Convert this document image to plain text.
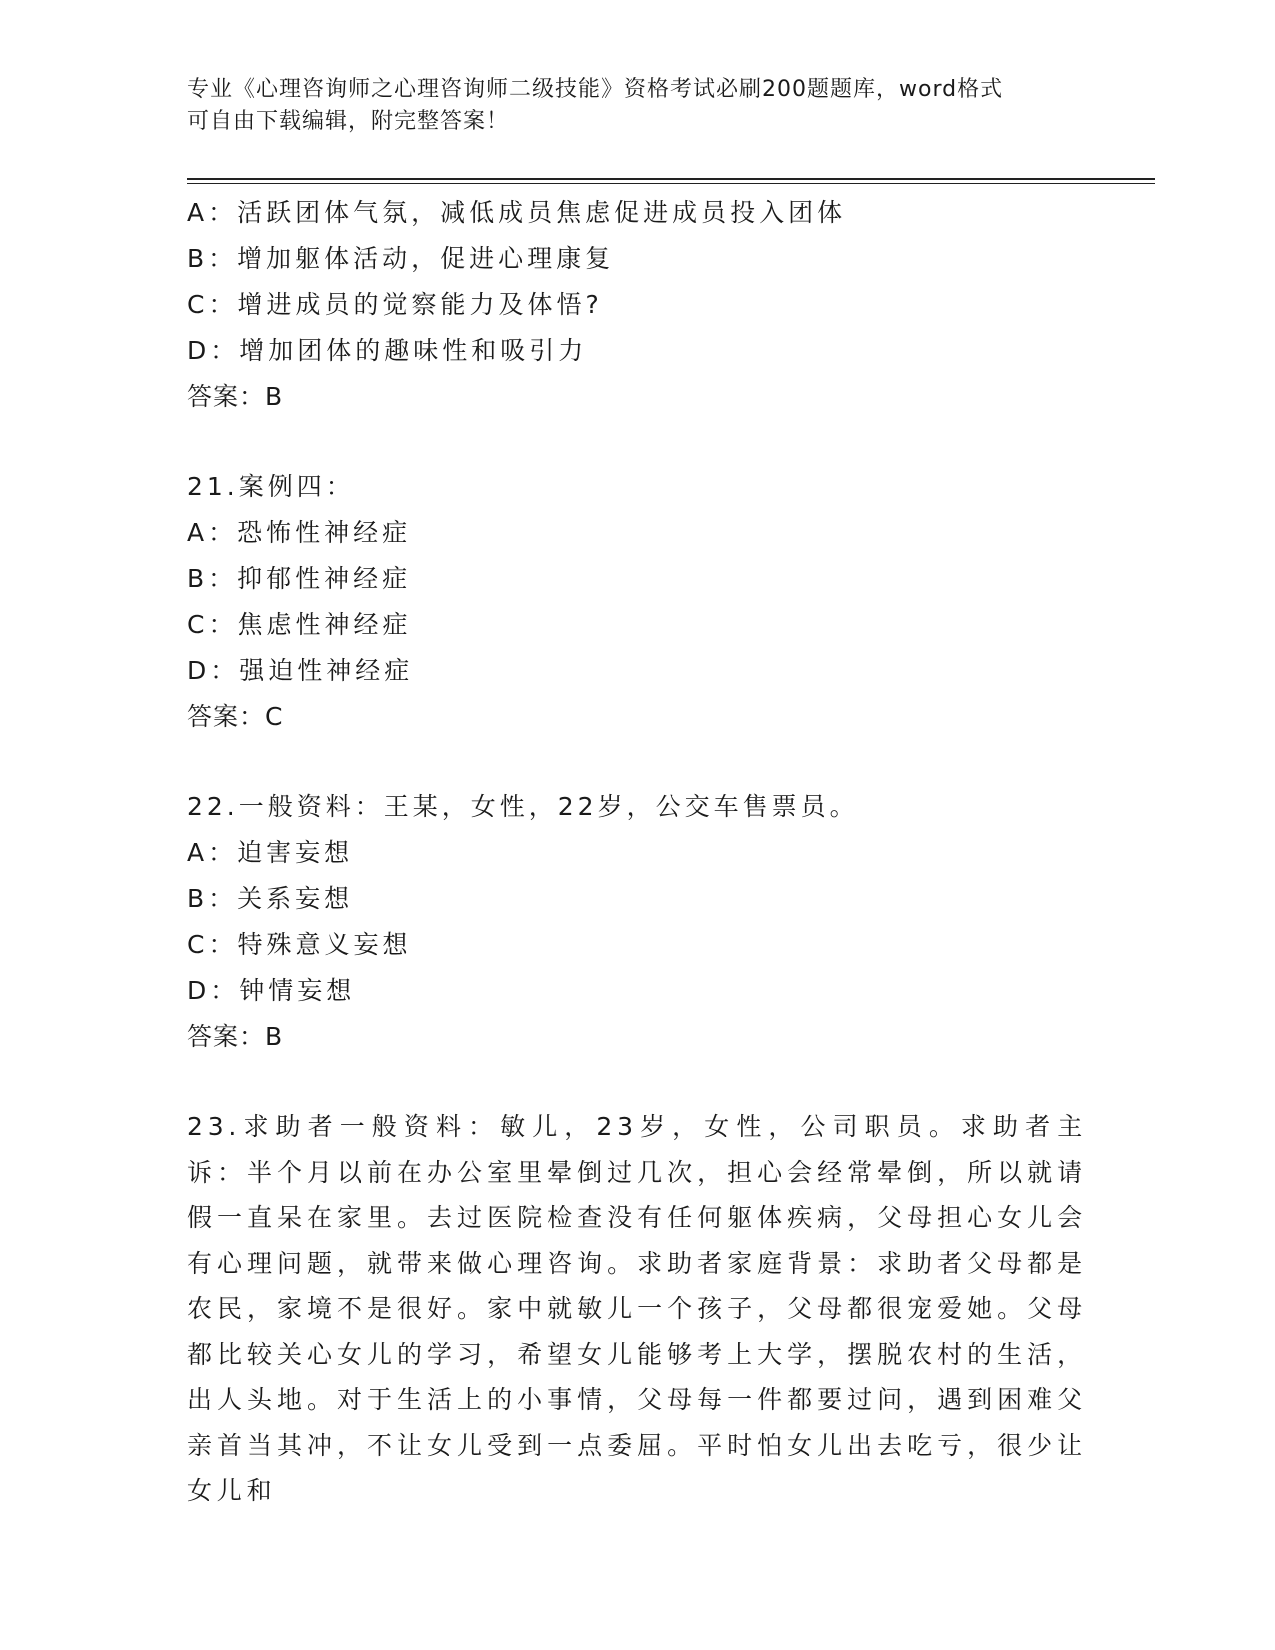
专业《心理咨询师之心理咨询师二级技能》资格考试必刷200题题库，word格式
可自由下载编辑，附完整答案！
A：活跃团体气氛，减低成员焦虑促进成员投入团体
B：增加躯体活动，促进心理康复
C：增进成员的觉察能力及体悟?
D：增加团体的趣味性和吸引力
答案：B
21.案例四：
A：恐怖性神经症
B：抑郁性神经症
C：焦虑性神经症
D：强迫性神经症
答案：C
22.一般资料：王某，女性，22岁，公交车售票员。
A：迫害妄想
B：关系妄想
C：特殊意义妄想
D：钟情妄想
答案：B
23.求助者一般资料：敏儿，23岁，女性，公司职员。求助者主诉：半个月以前在办公室里晕倒过几次，担心会经常晕倒，所以就请假一直呆在家里。去过医院检查没有任何躯体疾病，父母担心女儿会有心理问题，就带来做心理咨询。求助者家庭背景：求助者父母都是农民，家境不是很好。家中就敏儿一个孩子，父母都很宠爱她。父母都比较关心女儿的学习，希望女儿能够考上大学，摆脱农村的生活，出人头地。对于生活上的小事情，父母每一件都要过问，遇到困难父亲首当其冲，不让女儿受到一点委屈。平时怕女儿出去吃亏，很少让女儿和
